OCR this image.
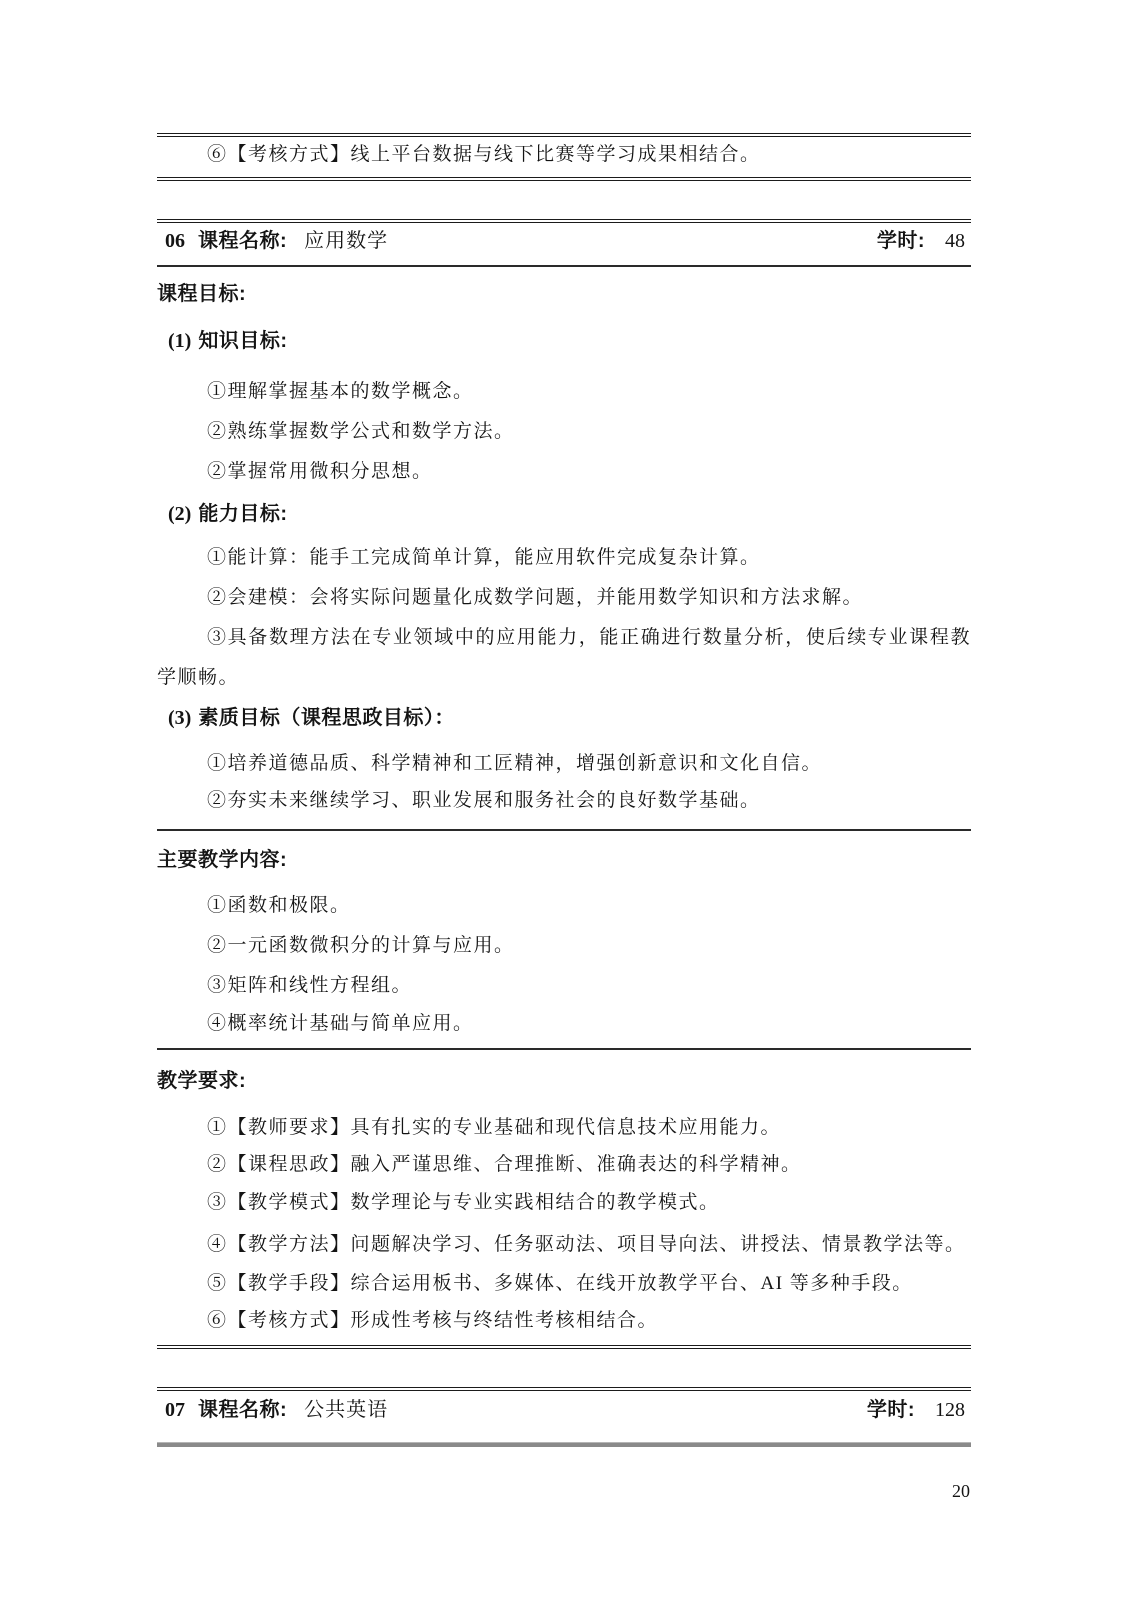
⑥【考核方式】线上平台数据与线下比赛等学习成果相结合。

06 课程名称: 应用数学	学时: 48
课程目标:

(1) 知识目标:

①理解掌握基本的数学概念。

②熟练掌握数学公式和数学方法。

②掌握常用微积分思想。

(2) 能力目标:

①能计算：能手工完成简单计算，能应用软件完成复杂计算。

②会建模：会将实际问题量化成数学问题，并能用数学知识和方法求解。

③具备数理方法在专业领域中的应用能力，能正确进行数量分析，使后续专业课程教学顺畅。

(3) 素质目标（课程思政目标）：

①培养道德品质、科学精神和工匠精神，增强创新意识和文化自信。

②夯实未来继续学习、职业发展和服务社会的良好数学基础。

主要教学内容:

①函数和极限。

②一元函数微积分的计算与应用。

③矩阵和线性方程组。

④概率统计基础与简单应用。

教学要求:

①【教师要求】具有扎实的专业基础和现代信息技术应用能力。

②【课程思政】融入严谨思维、合理推断、准确表达的科学精神。

③【教学模式】数学理论与专业实践相结合的教学模式。

④【教学方法】问题解决学习、任务驱动法、项目导向法、讲授法、情景教学法等。

⑤【教学手段】综合运用板书、多媒体、在线开放教学平台、AI 等多种手段。

⑥【考核方式】形成性考核与终结性考核相结合。

07 课程名称: 公共英语	学时: 128

20
